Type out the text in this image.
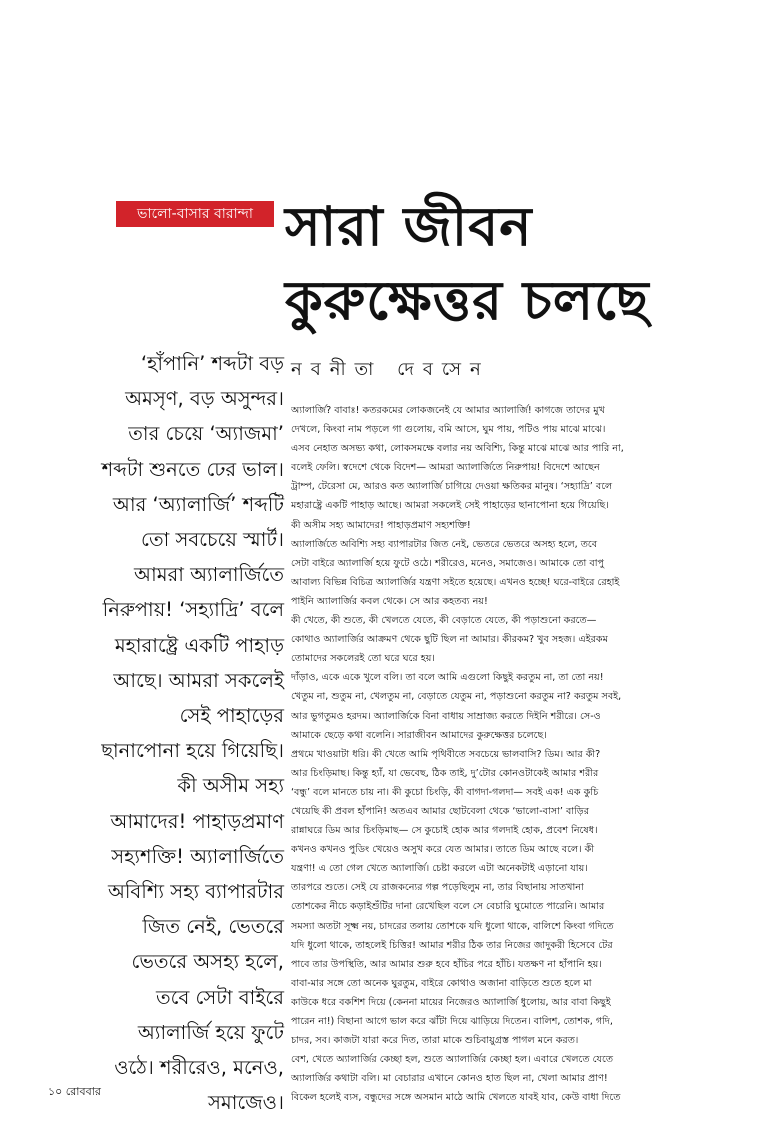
ভালো-বাসার বারান্দা সারা জীবন
কুরুক্ষেত্তর চলছে
‘হাঁপানি’ শব্দটা বড়
অমসৃণ, বড় অসুন্দর।
তার চেয়ে ‘অ্যাজমা’
শব্দটা শুনতে ঢের ভাল।
আর ‘অ্যালার্জি’ শব্দটি
তো সবচেয়ে স্মার্ট।
আমরা অ্যালার্জিতে
নিরুপায়! ‘সহ্যাদ্রি’ বলে
মহারাষ্ট্রে একটি পাহাড়
আছে। আমরা সকলেই
সেই পাহাড়ের
ছানাপোনা হয়ে গিয়েছি।
কী অসীম সহ্য
আমাদের! পাহাড়প্রমাণ
সহ্যশক্তি! অ্যালার্জিতে
অবিশ্যি সহ্য ব্যাপারটার
জিত নেই, ভেতরে
ভেতরে অসহ্য হলে,
তবে সেটা বাইরে
অ্যালার্জি হয়ে ফুটে
ওঠে। শরীরেও, মনেও,
সমাজেও।
নবনীতা দেবসেন
অ্যালার্জি? বাবাঃ! কতরকমের লোকজনেই যে আমার অ্যালার্জি! কাগজে তাদের মুখ
দেখলে, কিংবা নাম পড়লে গা গুলোয়, বমি আসে, ঘুম পায়, পটিও পায় মাঝে মাঝে।
এসব নেহাত অসভ্য কথা, লোকসমক্ষে বলার নয় অবিশ্যি, কিন্তু মাঝে মাঝে আর পারি না,
বলেই ফেলি। স্বদেশে থেকে বিদেশ— আমরা অ্যালার্জিতে নিরুপায়! বিদেশে আছেন
ট্রাম্প, টেরেসা মে, আরও কত অ্যালার্জি চাগিয়ে দেওয়া ক্ষতিকর মানুষ। ‘সহ্যাদ্রি’ বলে
মহারাষ্ট্রে একটি পাহাড় আছে। আমরা সকলেই সেই পাহাড়ের ছানাপোনা হয়ে গিয়েছি।
কী অসীম সহ্য আমাদের! পাহাড়প্রমাণ সহ্যশক্তি!
অ্যালার্জিতে অবিশ্যি সহ্য ব্যাপারটার জিত নেই, ভেতরে ভেতরে অসহ্য হলে, তবে
সেটা বাইরে অ্যালার্জি হয়ে ফুটে ওঠে। শরীরেও, মনেও, সমাজেও। আমাকে তো বাপু
আবাল্য বিভিন্ন বিচিত্র অ্যালার্জির যন্ত্রণা সইতে হয়েছে। এখনও হচ্ছে! ঘরে-বাইরে রেহাই
পাইনি অ্যালার্জির কবল থেকে। সে আর কহতব্য নয়!
কী খেতে, কী শুতে, কী খেলতে যেতে, কী বেড়াতে যেতে, কী পড়াশুনো করতে—
কোথাও অ্যালার্জির আক্রমণ থেকে ছুটি ছিল না আমার। কীরকম? খুব সহজ। এইরকম
তোমাদের সকলেরই তো ঘরে ঘরে হয়।
দাঁড়াও, একে একে খুলে বলি। তা বলে আমি এগুলো কিছুই করতুম না, তা তো নয়!
খেতুম না, শুতুম না, খেলতুম না, বেড়াতে যেতুম না, পড়াশুনো করতুম না? করতুম সবই,
আর ভুগতুমও হরদম। অ্যালার্জিকে বিনা বাধায় সাম্রাজ্য করতে দিইনি শরীরে। সে-ও
আমাকে ছেড়ে কথা বলেনি। সারাজীবন আমাদের কুরুক্ষেত্তর চলেছে।
প্রথমে খাওয়াটা ধরি। কী খেতে আমি পৃথিবীতে সবচেয়ে ভালবাসি? ডিম। আর কী?
আর চিংড়িমাছ। কিন্তু হ্যাঁ, যা ভেবেছ, ঠিক তাই, দু’টোর কোনওটাকেই আমার শরীর
‘বন্ধু’ বলে মানতে চায় না। কী কুচো চিংড়ি, কী বাগদা-গলদা— সবই এক! এক কুচি
খেয়েছি কী প্রবল হাঁপানি! অতএব আমার ছোটবেলা থেকে ‘ভালো-বাসা’ বাড়ির
রান্নাঘরে ডিম আর চিংড়িমাছ— সে কুচোই হোক আর গলদাই হোক, প্রবেশ নিষেধ।
কখনও কখনও পুডিং খেয়েও অসুখ করে যেত আমার। তাতে ডিম আছে বলে। কী
যন্ত্রণা! এ তো গেল খেতে অ্যালার্জি। চেষ্টা করলে এটা অনেকটাই এড়ানো যায়।
তারপরে শুতে। সেই যে রাজকন্যের গল্প পড়েছিলুম না, তার বিছানায় সাতখানা
তোশকের নীচে কড়াইশুঁটির দানা রেখেছিল বলে সে বেচারি ঘুমোতে পারেনি। আমার
সমস্যা অতটা সূক্ষ্ম নয়, চাদরের তলায় তোশকে যদি ধুলো থাকে, বালিশে কিংবা গদিতে
যদি ধুলো থাকে, তাহলেই চিত্তির! আমার শরীর ঠিক তার নিজের জাদুকরী হিসেবে টের
পাবে তার উপস্থিতি, আর আমার শুরু হবে হাঁচির পরে হাঁচি। যতক্ষণ না হাঁপানি হয়।
বাবা-মার সঙ্গে তো অনেক ঘুরতুম, বাইরে কোথাও অজানা বাড়িতে শুতে হলে মা
কাউকে ধরে বকশিশ দিয়ে (কেননা মায়ের নিজেরও অ্যালার্জি ধুলোয়, আর বাবা কিছুই
পারেন না!) বিছানা আগে ভাল করে ঝাঁটা দিয়ে ঝাড়িয়ে দিতেন। বালিশ, তোশক, গদি,
চাদর, সব। কাজটা যারা করে দিত, তারা মাকে শুচিবায়ুগ্রস্ত পাগল মনে করত।
বেশ, খেতে অ্যালার্জির কেচ্ছা হল, শুতে অ্যালার্জির কেচ্ছা হল। এবারে খেলতে যেতে
অ্যালার্জির কথাটা বলি। মা বেচারার এখানে কোনও হাত ছিল না, খেলা আমার প্রাণ!
বিকেল হলেই ব্যস, বন্ধুদের সঙ্গে অসমান মাঠে আমি খেলতে যাবই যাব, কেউ বাধা দিতে
১০ রোববার
